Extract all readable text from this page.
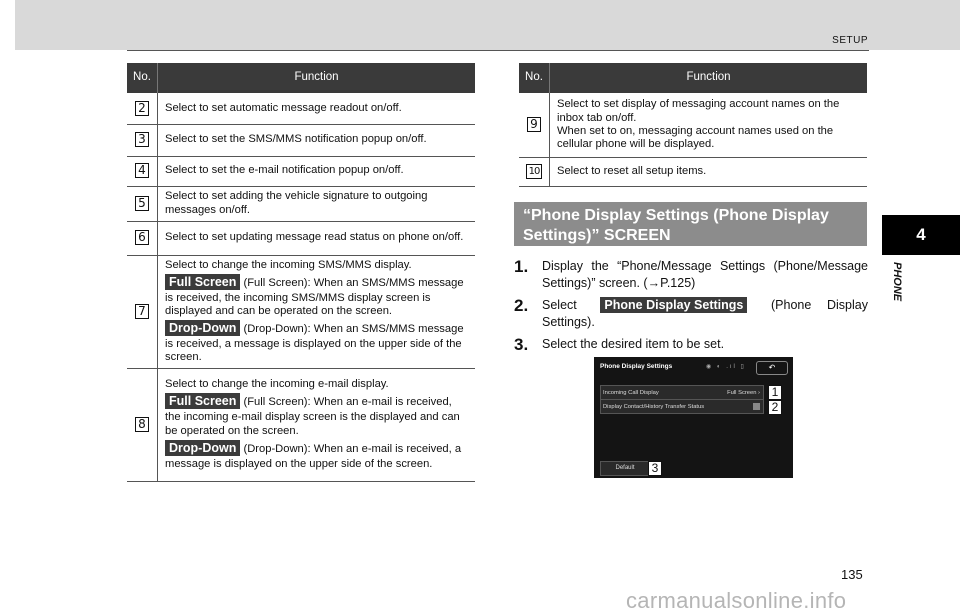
SETUP
No.	Function
2	Select to set automatic message readout on/off.
3	Select to set the SMS/MMS notification popup on/off.
4	Select to set the e-mail notification popup on/off.
5	Select to set adding the vehicle signature to outgoing messages on/off.
6	Select to set updating message read status on phone on/off.
7	Select to change the incoming SMS/MMS display.
Full Screen (Full Screen): When an SMS/MMS message is received, the incoming SMS/MMS display screen is displayed and can be operated on the screen.
Drop-Down (Drop-Down): When an SMS/MMS message is received, a message is displayed on the upper side of the screen.

8	Select to change the incoming e-mail display.
Full Screen (Full Screen): When an e-mail is received, the incoming e-mail display screen is the displayed and can be operated on the screen.
Drop-Down (Drop-Down): When an e-mail is received, a message is displayed on the upper side of the screen.
No.	Function
9	Select to set display of messaging account names on the inbox tab on/off.
When set to on, messaging account names used on the cellular phone will be displayed.
10	Select to reset all setup items.
4
PHONE
“Phone Display Settings (Phone Display Settings)” SCREEN
1.	Display the “Phone/Message Settings (Phone/Message Settings)” screen. (→P.125)
2.	Select Phone Display Settings (Phone Display Settings).
3.	Select the desired item to be set.
Phone Display Settings	◉ ◐ .ıl ▯	↶
Incoming Call Display	Full Screen ›
Display Contact/History Transfer Status
Default
1
2
3
135
carmanualsonline.info
